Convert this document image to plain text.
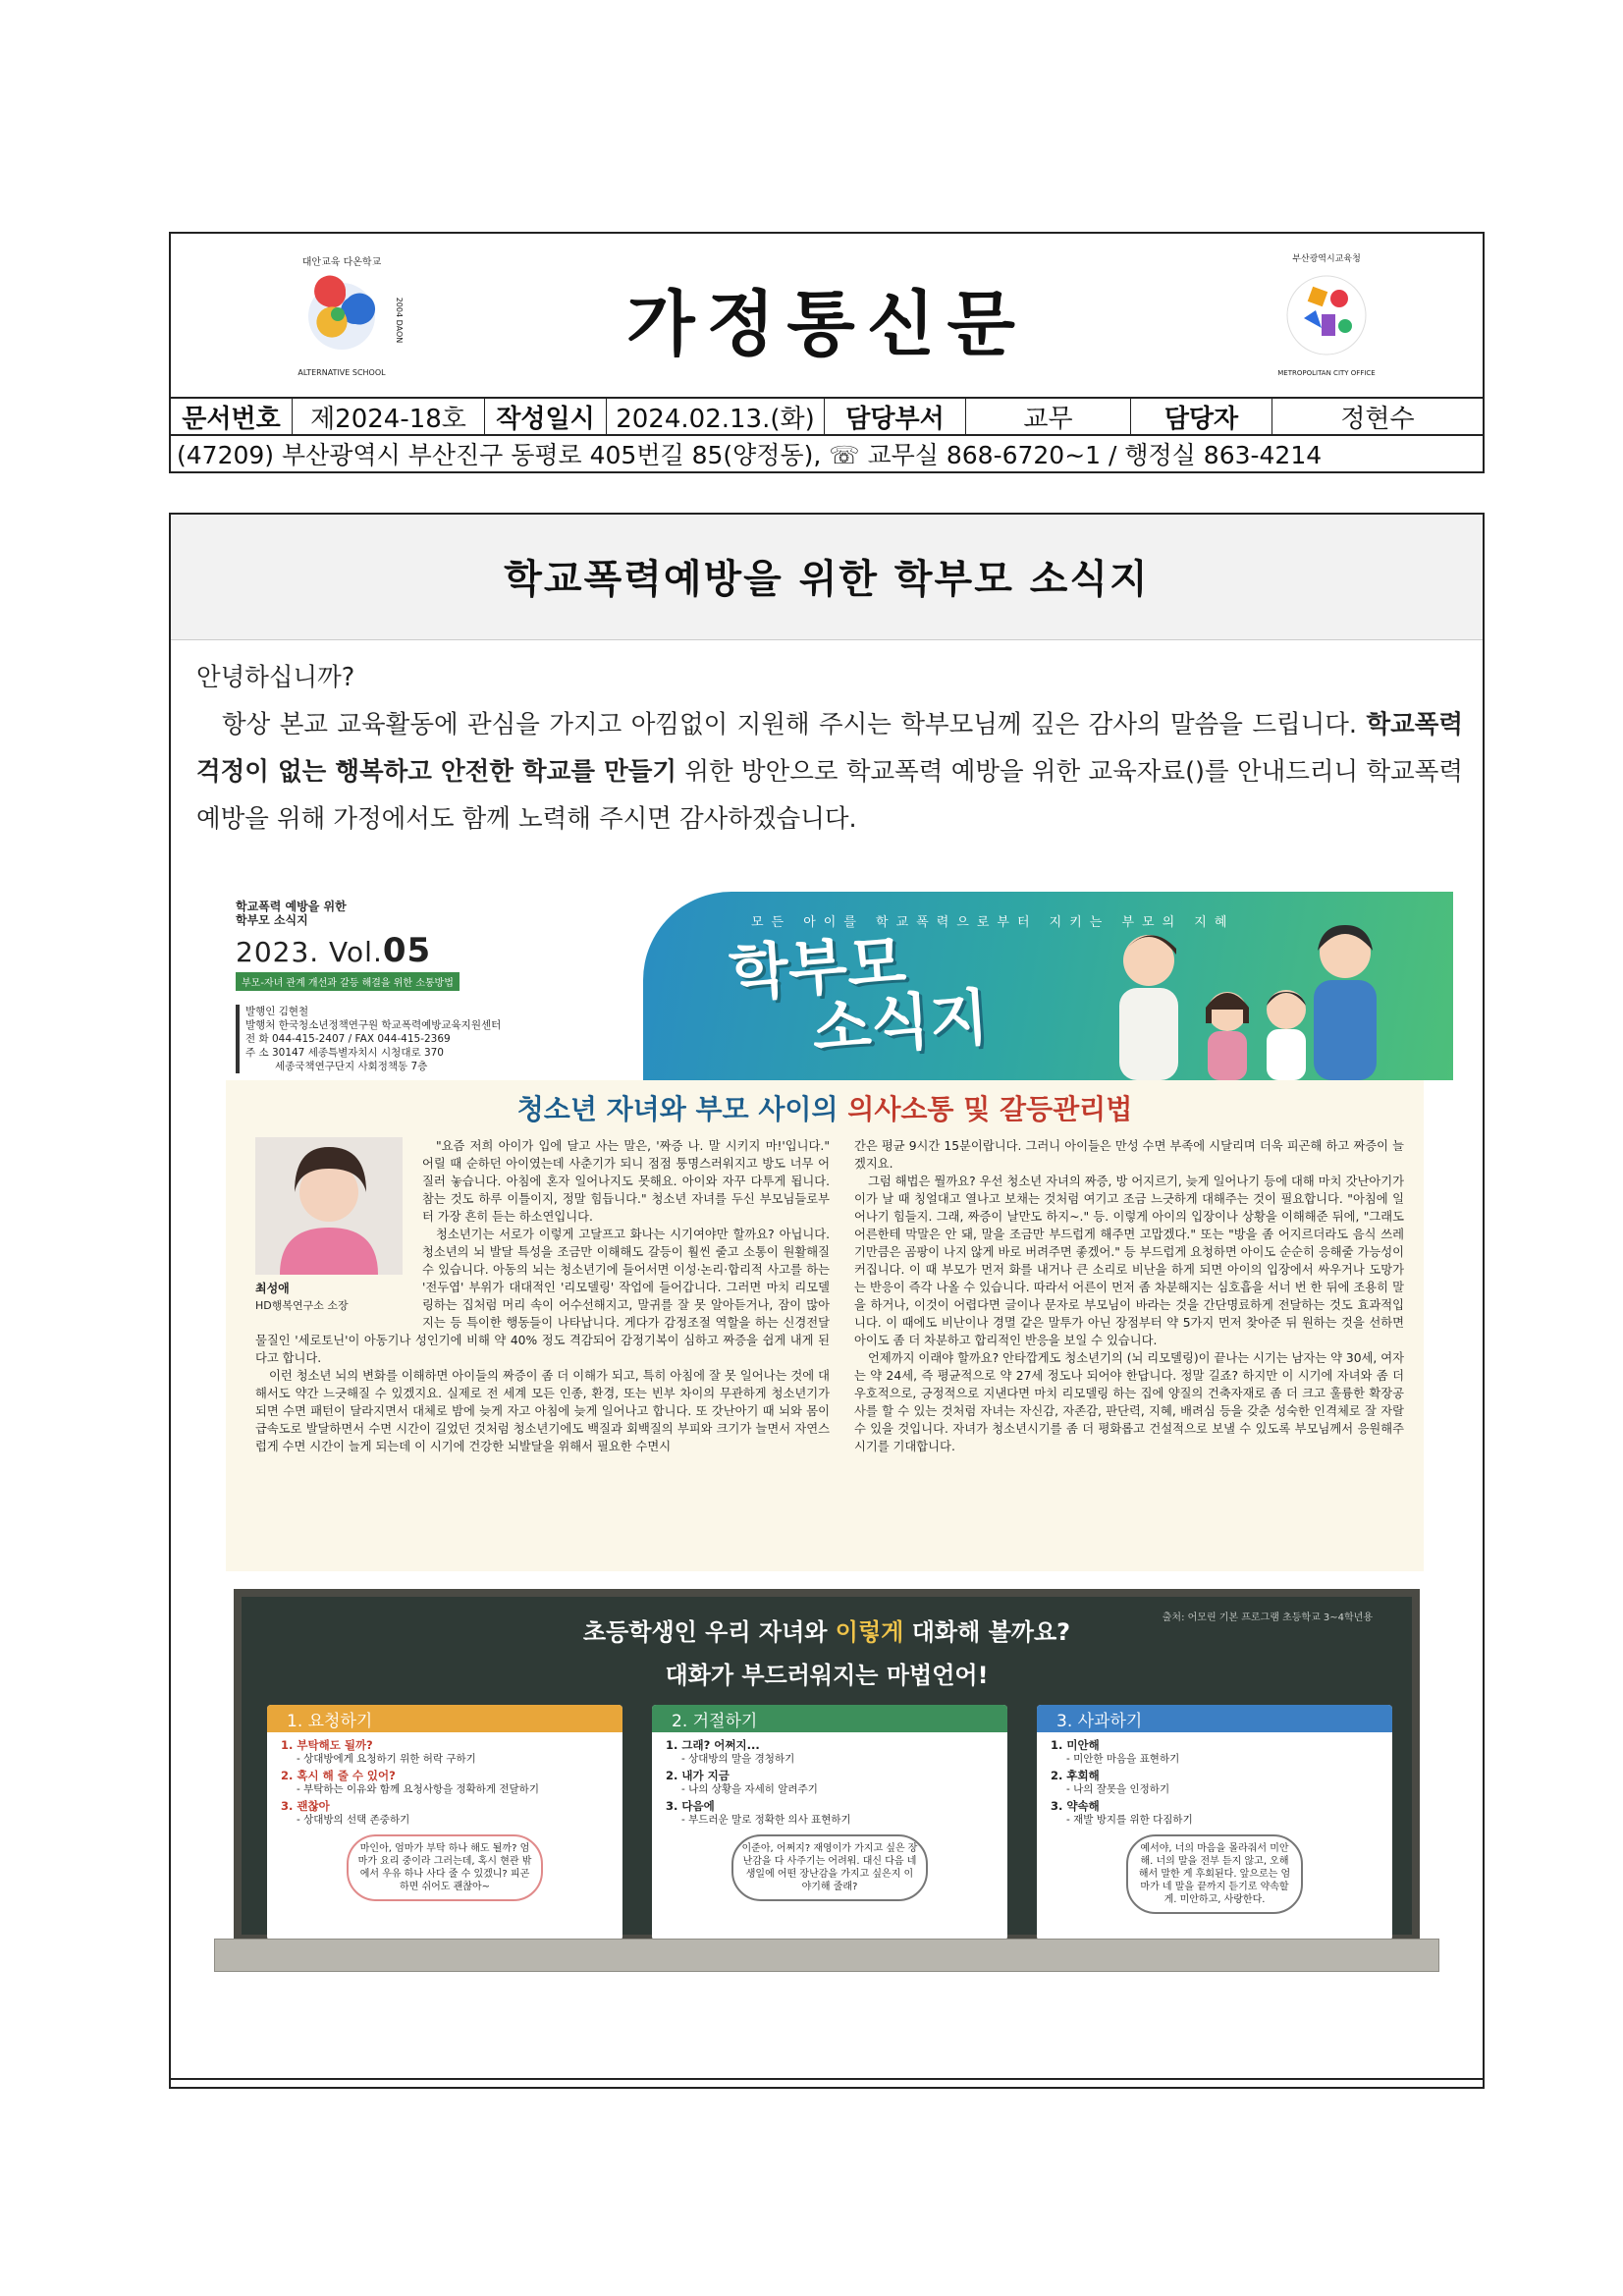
대안교육 다온학교
ALTERNATIVE SCHOOL
2004 DAON	가정통신문
부산광역시교육청
METROPOLITAN CITY OFFICE
문서번호	제2024-18호	작성일시 2024.02.13.(화)	담당부서	교무	담당자	정현수
(47209) 부산광역시 부산진구 동평로 405번길 85(양정동), ☏ 교무실 868-6720~1 / 행정실 863-4214
학교폭력예방을 위한 학부모 소식지

안녕하십니까?

항상 본교 교육활동에 관심을 가지고 아낌없이 지원해 주시는 학부모님께 깊은 감사의 말씀을 드립니다. 학교폭력 걱정이 없는 행복하고 안전한 학교를 만들기 위한 방안으로 학교폭력 예방을 위한 교육자료()를 안내드리니 학교폭력예방을 위해 가정에서도 함께 노력해 주시면 감사하겠습니다.

학교폭력 예방을 위한
학부모 소식지
2023. Vol.05
부모-자녀 관계 개선과 갈등 해결을 위한 소통방법
발행인 김현철
발행처 한국청소년정책연구원 학교폭력예방교육지원센터
전 화 044-415-2407 / FAX 044-415-2369
주 소 30147 세종특별자치시 시청대로 370
세종국책연구단지 사회정책동 7층
모든 아이를 학교폭력으로부터 지키는 부모의 지혜
학부모
소식지
청소년 자녀와 부모 사이의 의사소통 및 갈등관리법
최성애
HD행복연구소 소장

"요즘 저희 아이가 입에 달고 사는 말은, '짜증 나. 말 시키지 마!'입니다." 어릴 때 순하던 아이였는데 사춘기가 되니 점점 퉁명스러워지고 방도 너무 어질러 놓습니다. 아침에 혼자 일어나지도 못해요. 아이와 자꾸 다투게 됩니다. 참는 것도 하루 이틀이지, 정말 힘듭니다." 청소년 자녀를 두신 부모님들로부터 가장 흔히 듣는 하소연입니다.

청소년기는 서로가 이렇게 고달프고 화나는 시기여야만 할까요? 아닙니다. 청소년의 뇌 발달 특성을 조금만 이해해도 갈등이 훨씬 줄고 소통이 원활해질 수 있습니다. 아동의 뇌는 청소년기에 들어서면 이성·논리·합리적 사고를 하는 '전두엽' 부위가 대대적인 '리모델링' 작업에 들어갑니다. 그러면 마치 리모델링하는 집처럼 머리 속이 어수선해지고, 말귀를 잘 못 알아듣거나, 잠이 많아지는 등 특이한 행동들이 나타납니다. 게다가 감정조절 역할을 하는 신경전달물질인 '세로토닌'이 아동기나 성인기에 비해 약 40% 정도 격감되어 감정기복이 심하고 짜증을 쉽게 내게 된다고 합니다.

이런 청소년 뇌의 변화를 이해하면 아이들의 짜증이 좀 더 이해가 되고, 특히 아침에 잘 못 일어나는 것에 대해서도 약간 느긋해질 수 있겠지요. 실제로 전 세계 모든 인종, 환경, 또는 빈부 차이의 무관하게 청소년기가 되면 수면 패턴이 달라지면서 대체로 밤에 늦게 자고 아침에 늦게 일어나고 합니다. 또 갓난아기 때 뇌와 몸이 급속도로 발달하면서 수면 시간이 길었던 것처럼 청소년기에도 백질과 회백질의 부피와 크기가 늘면서 자연스럽게 수면 시간이 늘게 되는데 이 시기에 건강한 뇌발달을 위해서 필요한 수면시

간은 평균 9시간 15분이랍니다. 그러니 아이들은 만성 수면 부족에 시달리며 더욱 피곤해 하고 짜증이 늘겠지요.

그럼 해법은 뭘까요? 우선 청소년 자녀의 짜증, 방 어지르기, 늦게 일어나기 등에 대해 마치 갓난아기가 이가 날 때 칭얼대고 열나고 보채는 것처럼 여기고 조금 느긋하게 대해주는 것이 필요합니다. "아침에 일어나기 힘들지. 그래, 짜증이 날만도 하지~." 등. 이렇게 아이의 입장이나 상황을 이해해준 뒤에, "그래도 어른한테 막말은 안 돼, 말을 조금만 부드럽게 해주면 고맙겠다." 또는 "방을 좀 어지르더라도 음식 쓰레기만큼은 곰팡이 나지 않게 바로 버려주면 좋겠어." 등 부드럽게 요청하면 아이도 순순히 응해줄 가능성이 커집니다. 이 때 부모가 먼저 화를 내거나 큰 소리로 비난을 하게 되면 아이의 입장에서 싸우거나 도망가는 반응이 즉각 나올 수 있습니다. 따라서 어른이 먼저 좀 차분해지는 심호흡을 서너 번 한 뒤에 조용히 말을 하거나, 이것이 어렵다면 글이나 문자로 부모님이 바라는 것을 간단명료하게 전달하는 것도 효과적입니다. 이 때에도 비난이나 경멸 같은 말투가 아닌 장점부터 약 5가지 먼저 찾아준 뒤 원하는 것을 선하면 아이도 좀 더 차분하고 합리적인 반응을 보일 수 있습니다.

언제까지 이래야 할까요? 안타깝게도 청소년기의 (뇌 리모델링)이 끝나는 시기는 남자는 약 30세, 여자는 약 24세, 즉 평균적으로 약 27세 정도나 되어야 한답니다. 정말 길죠? 하지만 이 시기에 자녀와 좀 더 우호적으로, 긍정적으로 지낸다면 마치 리모델링 하는 집에 양질의 건축자재로 좀 더 크고 훌륭한 확장공사를 할 수 있는 것처럼 자녀는 자신감, 자존감, 판단력, 지혜, 배려심 등을 갖춘 성숙한 인격체로 잘 자랄 수 있을 것입니다. 자녀가 청소년시기를 좀 더 평화롭고 건설적으로 보낼 수 있도록 부모님께서 응원해주시기를 기대합니다.

출처: 어모린 기본 프로그램 초등학교 3~4학년용
초등학생인 우리 자녀와 이렇게 대화해 볼까요?
대화가 부드러워지는 마법언어!
1. 요청하기
1. 부탁해도 될까?
- 상대방에게 요청하기 위한 허락 구하기
2. 혹시 해 줄 수 있어?
- 부탁하는 이유와 함께 요청사항을 정확하게 전달하기
3. 괜찮아
- 상대방의 선택 존중하기
마인아, 엄마가 부탁 하나 해도 될까? 엄마가 요리 중이라 그러는데, 혹시 현관 밖에서 우유 하나 사다 줄 수 있겠니? 피곤하면 쉬어도 괜찮아~
2. 거절하기
1. 그래? 어쩌지...
- 상대방의 말을 경청하기
2. 내가 지금
- 나의 상황을 자세히 알려주기
3. 다음에
- 부드러운 말로 정확한 의사 표현하기
이준아, 어쩌지? 재영이가 가지고 싶은 장난감을 다 사주기는 어려워. 대신 다음 네 생일에 어떤 장난감을 가지고 싶은지 이야기해 줄래?
3. 사과하기
1. 미안해
- 미안한 마음을 표현하기
2. 후회해
- 나의 잘못을 인정하기
3. 약속해
- 재발 방지를 위한 다짐하기
예서야, 너의 마음을 몰라줘서 미안해. 너의 말을 전부 듣지 않고, 오해해서 말한 게 후회된다. 앞으로는 엄마가 네 말을 끝까지 듣기로 약속할게. 미안하고, 사랑한다.
